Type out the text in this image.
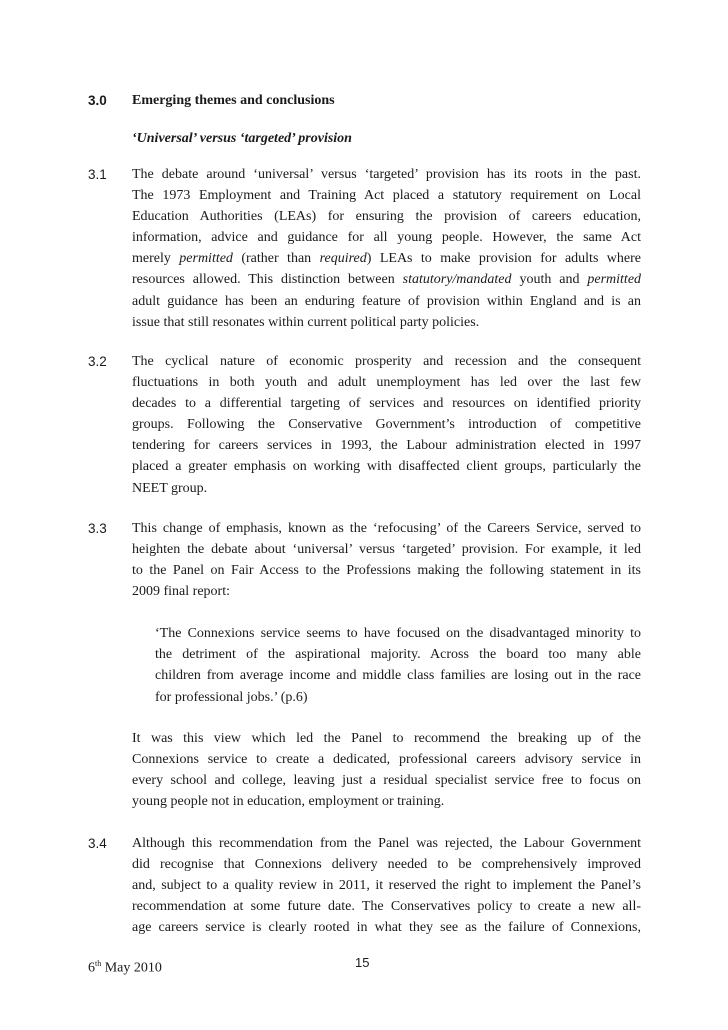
3.0 Emerging themes and conclusions
‘Universal’ versus ‘targeted’ provision
3.1 The debate around ‘universal’ versus ‘targeted’ provision has its roots in the past.
The 1973 Employment and Training Act placed a statutory requirement on Local
Education Authorities (LEAs) for ensuring the provision of careers education,
information, advice and guidance for all young people. However, the same Act
merely permitted (rather than required) LEAs to make provision for adults where
resources allowed. This distinction between statutory/mandated youth and permitted
adult guidance has been an enduring feature of provision within England and is an
issue that still resonates within current political party policies.
3.2 The cyclical nature of economic prosperity and recession and the consequent
fluctuations in both youth and adult unemployment has led over the last few
decades to a differential targeting of services and resources on identified priority
groups. Following the Conservative Government’s introduction of competitive
tendering for careers services in 1993, the Labour administration elected in 1997
placed a greater emphasis on working with disaffected client groups, particularly the
NEET group.
3.3 This change of emphasis, known as the ‘refocusing’ of the Careers Service, served to
heighten the debate about ‘universal’ versus ‘targeted’ provision. For example, it led
to the Panel on Fair Access to the Professions making the following statement in its
2009 final report:
‘The Connexions service seems to have focused on the disadvantaged minority to
the detriment of the aspirational majority. Across the board too many able
children from average income and middle class families are losing out in the race
for professional jobs.’ (p.6)
It was this view which led the Panel to recommend the breaking up of the
Connexions service to create a dedicated, professional careers advisory service in
every school and college, leaving just a residual specialist service free to focus on
young people not in education, employment or training.
3.4 Although this recommendation from the Panel was rejected, the Labour Government
did recognise that Connexions delivery needed to be comprehensively improved
and, subject to a quality review in 2011, it reserved the right to implement the Panel’s
recommendation at some future date. The Conservatives policy to create a new all-
age careers service is clearly rooted in what they see as the failure of Connexions,
6th May 2010	15
